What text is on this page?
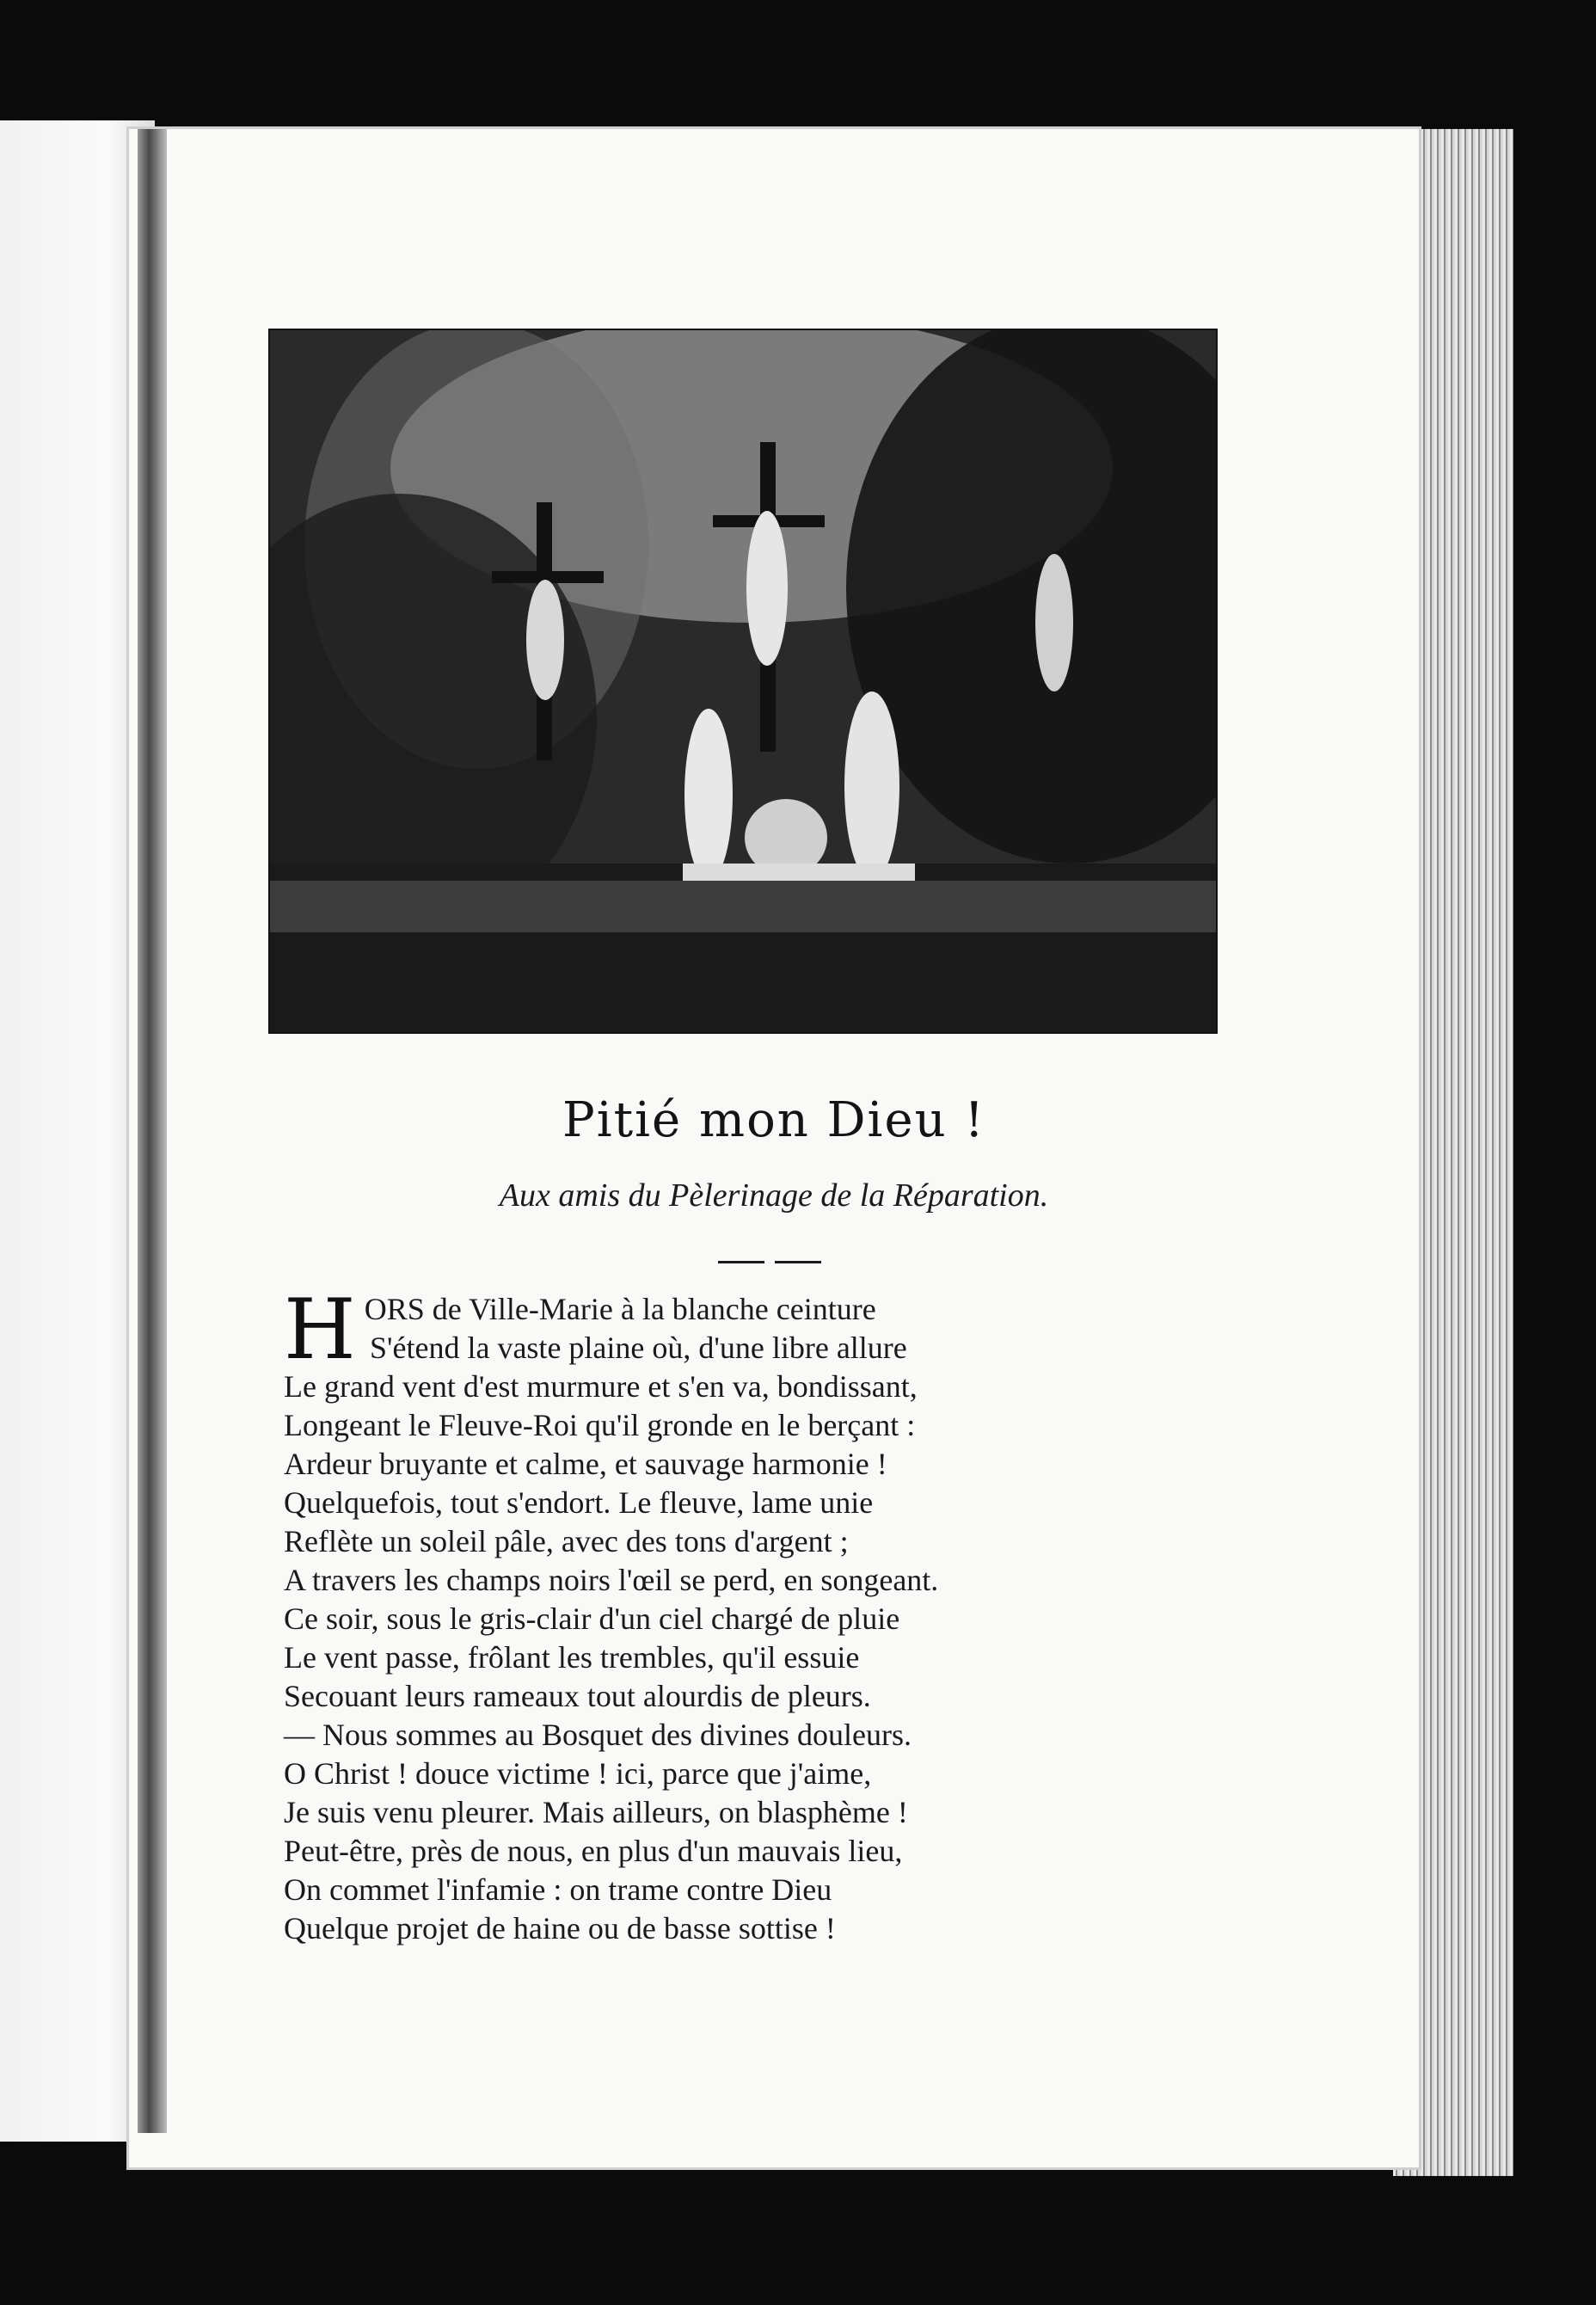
Pitié mon Dieu !
Aux amis du Pèlerinage de la Réparation.
H ORS de Ville-Marie à la blanche ceinture
S'étend la vaste plaine où, d'une libre allure
Le grand vent d'est murmure et s'en va, bondissant,
Longeant le Fleuve-Roi qu'il gronde en le berçant :
Ardeur bruyante et calme, et sauvage harmonie !
Quelquefois, tout s'endort. Le fleuve, lame unie
Reflète un soleil pâle, avec des tons d'argent ;
A travers les champs noirs l'œil se perd, en songeant.
Ce soir, sous le gris-clair d'un ciel chargé de pluie
Le vent passe, frôlant les trembles, qu'il essuie
Secouant leurs rameaux tout alourdis de pleurs.
— Nous sommes au Bosquet des divines douleurs.
O Christ ! douce victime ! ici, parce que j'aime,
Je suis venu pleurer. Mais ailleurs, on blasphème !
Peut-être, près de nous, en plus d'un mauvais lieu,
On commet l'infamie : on trame contre Dieu
Quelque projet de haine ou de basse sottise !
